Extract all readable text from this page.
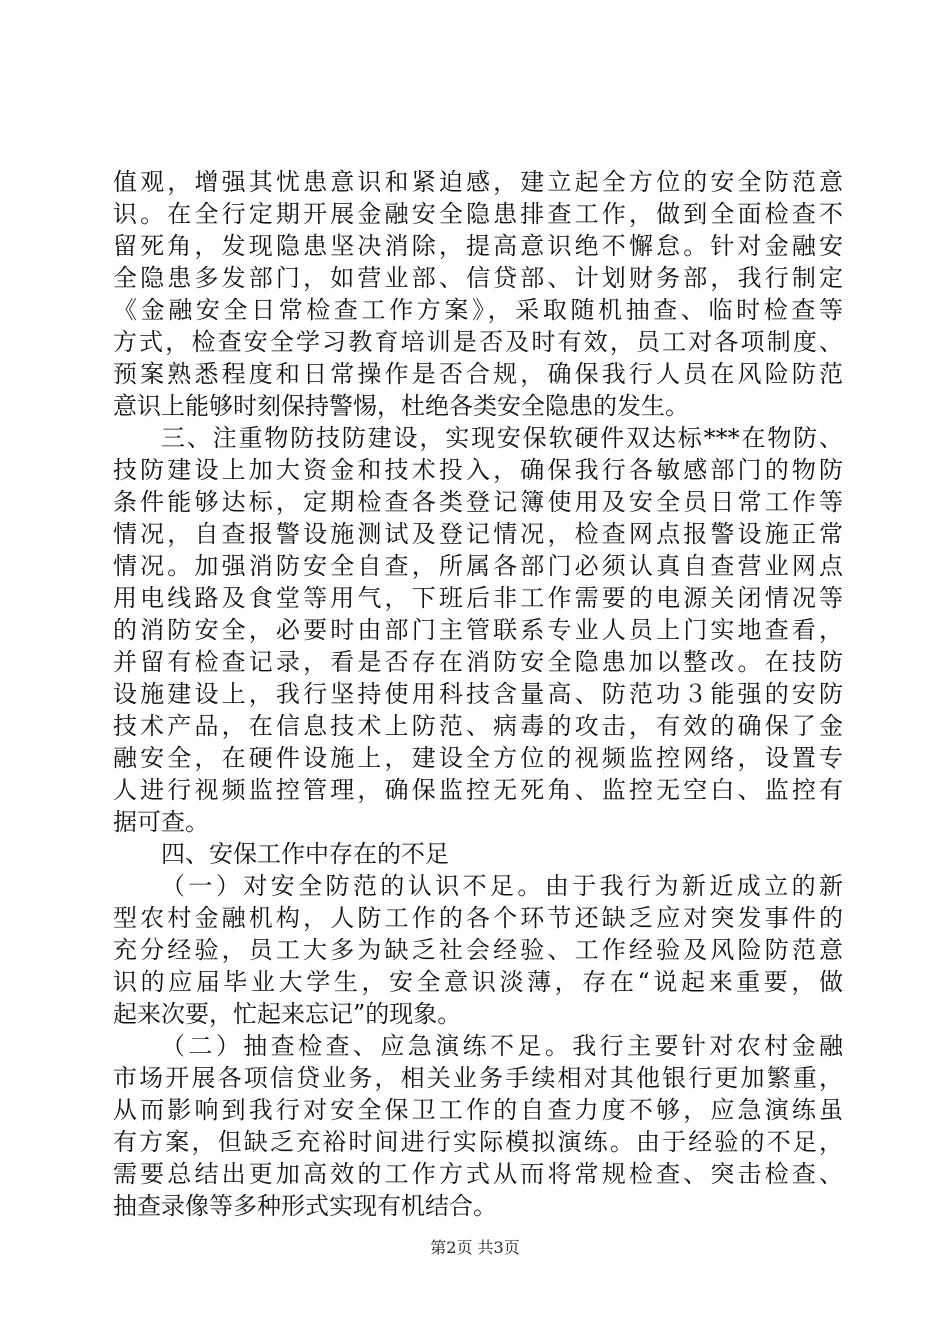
值观，增强其忧患意识和紧迫感，建立起全方位的安全防范意
识。在全行定期开展金融安全隐患排查工作，做到全面检查不
留死角，发现隐患坚决消除，提高意识绝不懈怠。针对金融安
全隐患多发部门，如营业部、信贷部、计划财务部，我行制定
《金融安全日常检查工作方案》，采取随机抽查、临时检查等
方式，检查安全学习教育培训是否及时有效，员工对各项制度、
预案熟悉程度和日常操作是否合规，确保我行人员在风险防范
意识上能够时刻保持警惕，杜绝各类安全隐患的发生。
三、注重物防技防建设，实现安保软硬件双达标***在物防、
技防建设上加大资金和技术投入，确保我行各敏感部门的物防
条件能够达标，定期检查各类登记簿使用及安全员日常工作等
情况，自查报警设施测试及登记情况，检查网点报警设施正常
情况。加强消防安全自查，所属各部门必须认真自查营业网点
用电线路及食堂等用气，下班后非工作需要的电源关闭情况等
的消防安全，必要时由部门主管联系专业人员上门实地查看，
并留有检查记录，看是否存在消防安全隐患加以整改。在技防
设施建设上，我行坚持使用科技含量高、防范功３能强的安防
技术产品，在信息技术上防范、病毒的攻击，有效的确保了金
融安全，在硬件设施上，建设全方位的视频监控网络，设置专
人进行视频监控管理，确保监控无死角、监控无空白、监控有
据可查。
四、安保工作中存在的不足
（一）对安全防范的认识不足。由于我行为新近成立的新
型农村金融机构，人防工作的各个环节还缺乏应对突发事件的
充分经验，员工大多为缺乏社会经验、工作经验及风险防范意
识的应届毕业大学生，安全意识淡薄，存在“说起来重要，做
起来次要，忙起来忘记”的现象。
（二）抽查检查、应急演练不足。我行主要针对农村金融
市场开展各项信贷业务，相关业务手续相对其他银行更加繁重，
从而影响到我行对安全保卫工作的自查力度不够，应急演练虽
有方案，但缺乏充裕时间进行实际模拟演练。由于经验的不足，
需要总结出更加高效的工作方式从而将常规检查、突击检查、
抽查录像等多种形式实现有机结合。
第2页 共3页
